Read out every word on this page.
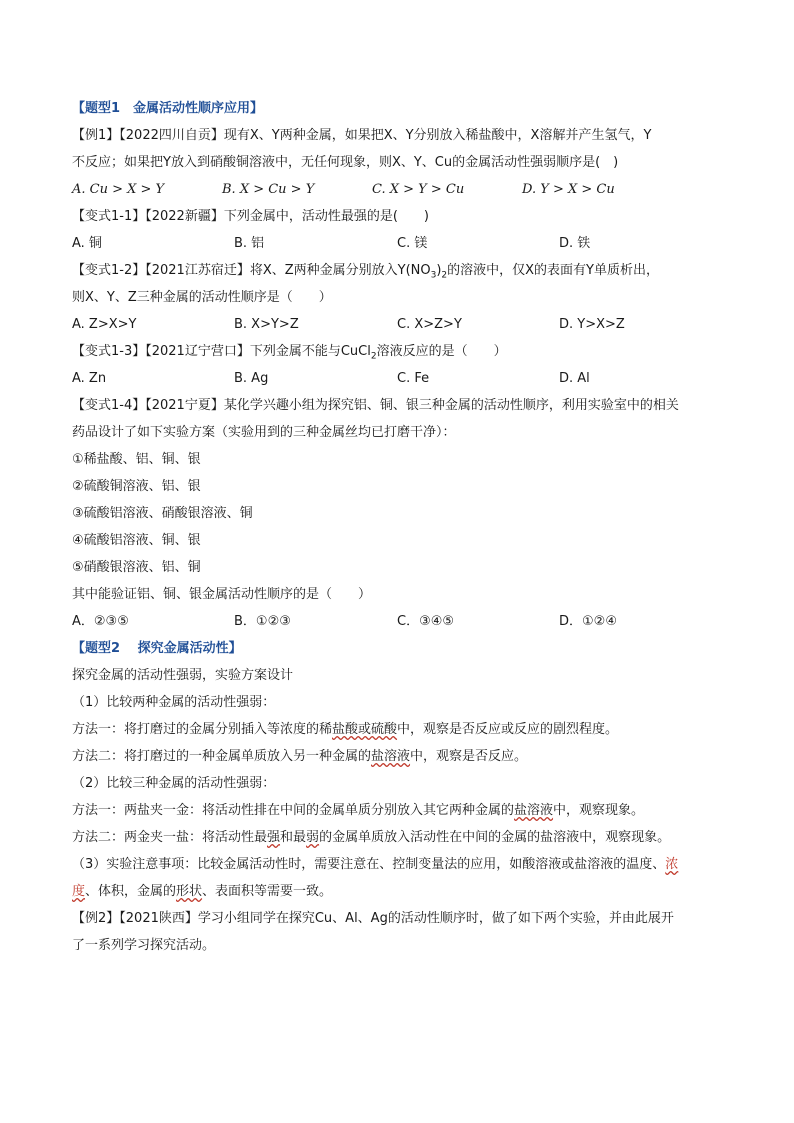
【题型1　金属活动性顺序应用】
【例1】【2022四川自贡】现有X、Y两种金属，如果把X、Y分别放入稀盐酸中，X溶解并产生氢气，Y
不反应；如果把Y放入到硝酸铜溶液中，无任何现象，则X、Y、Cu的金属活动性强弱顺序是(　)
A. Cu > X > Y	B. X > Cu > Y	C. X > Y > Cu	D. Y > X > Cu
【变式1-1】【2022新疆】下列金属中，活动性最强的是(　　)
A. 铜	B. 铝	C. 镁	D. 铁
【变式1-2】【2021江苏宿迁】将X、Z两种金属分别放入$Y(NO_3)_2$的溶液中，仅X的表面有Y单质析出，
则X、Y、Z三种金属的活动性顺序是（　　）
A. Z>X>Y	B. X>Y>Z	C. X>Z>Y	D. Y>X>Z
【变式1-3】【2021辽宁营口】下列金属不能与CuCl$_2$溶液反应的是（　　）
A. Zn	B. Ag	C. Fe	D. Al
【变式1-4】【2021宁夏】某化学兴趣小组为探究铝、铜、银三种金属的活动性顺序，利用实验室中的相关
药品设计了如下实验方案（实验用到的三种金属丝均已打磨干净）：
①稀盐酸、铝、铜、银
②硫酸铜溶液、铝、银
③硫酸铝溶液、硝酸银溶液、铜
④硫酸铝溶液、铜、银
⑤硝酸银溶液、铝、铜
其中能验证铝、铜、银金属活动性顺序的是（　　）
A．②③⑤	B．①②③	C．③④⑤	D．①②④
【题型2　 探究金属活动性】
探究金属的活动性强弱，实验方案设计
（1）比较两种金属的活动性强弱：
方法一：将打磨过的金属分别插入等浓度的稀盐酸或硫酸中，观察是否反应或反应的剧烈程度。
方法二：将打磨过的一种金属单质放入另一种金属的盐溶液中，观察是否反应。
（2）比较三种金属的活动性强弱：
方法一：两盐夹一金：将活动性排在中间的金属单质分别放入其它两种金属的盐溶液中，观察现象。
方法二：两金夹一盐：将活动性最强和最弱的金属单质放入活动性在中间的金属的盐溶液中，观察现象。
（3）实验注意事项：比较金属活动性时，需要注意在、控制变量法的应用，如酸溶液或盐溶液的温度、浓
度、体积，金属的形状、表面积等需要一致。
【例2】【2021陕西】学习小组同学在探究Cu、Al、Ag的活动性顺序时，做了如下两个实验，并由此展开
了一系列学习探究活动。
